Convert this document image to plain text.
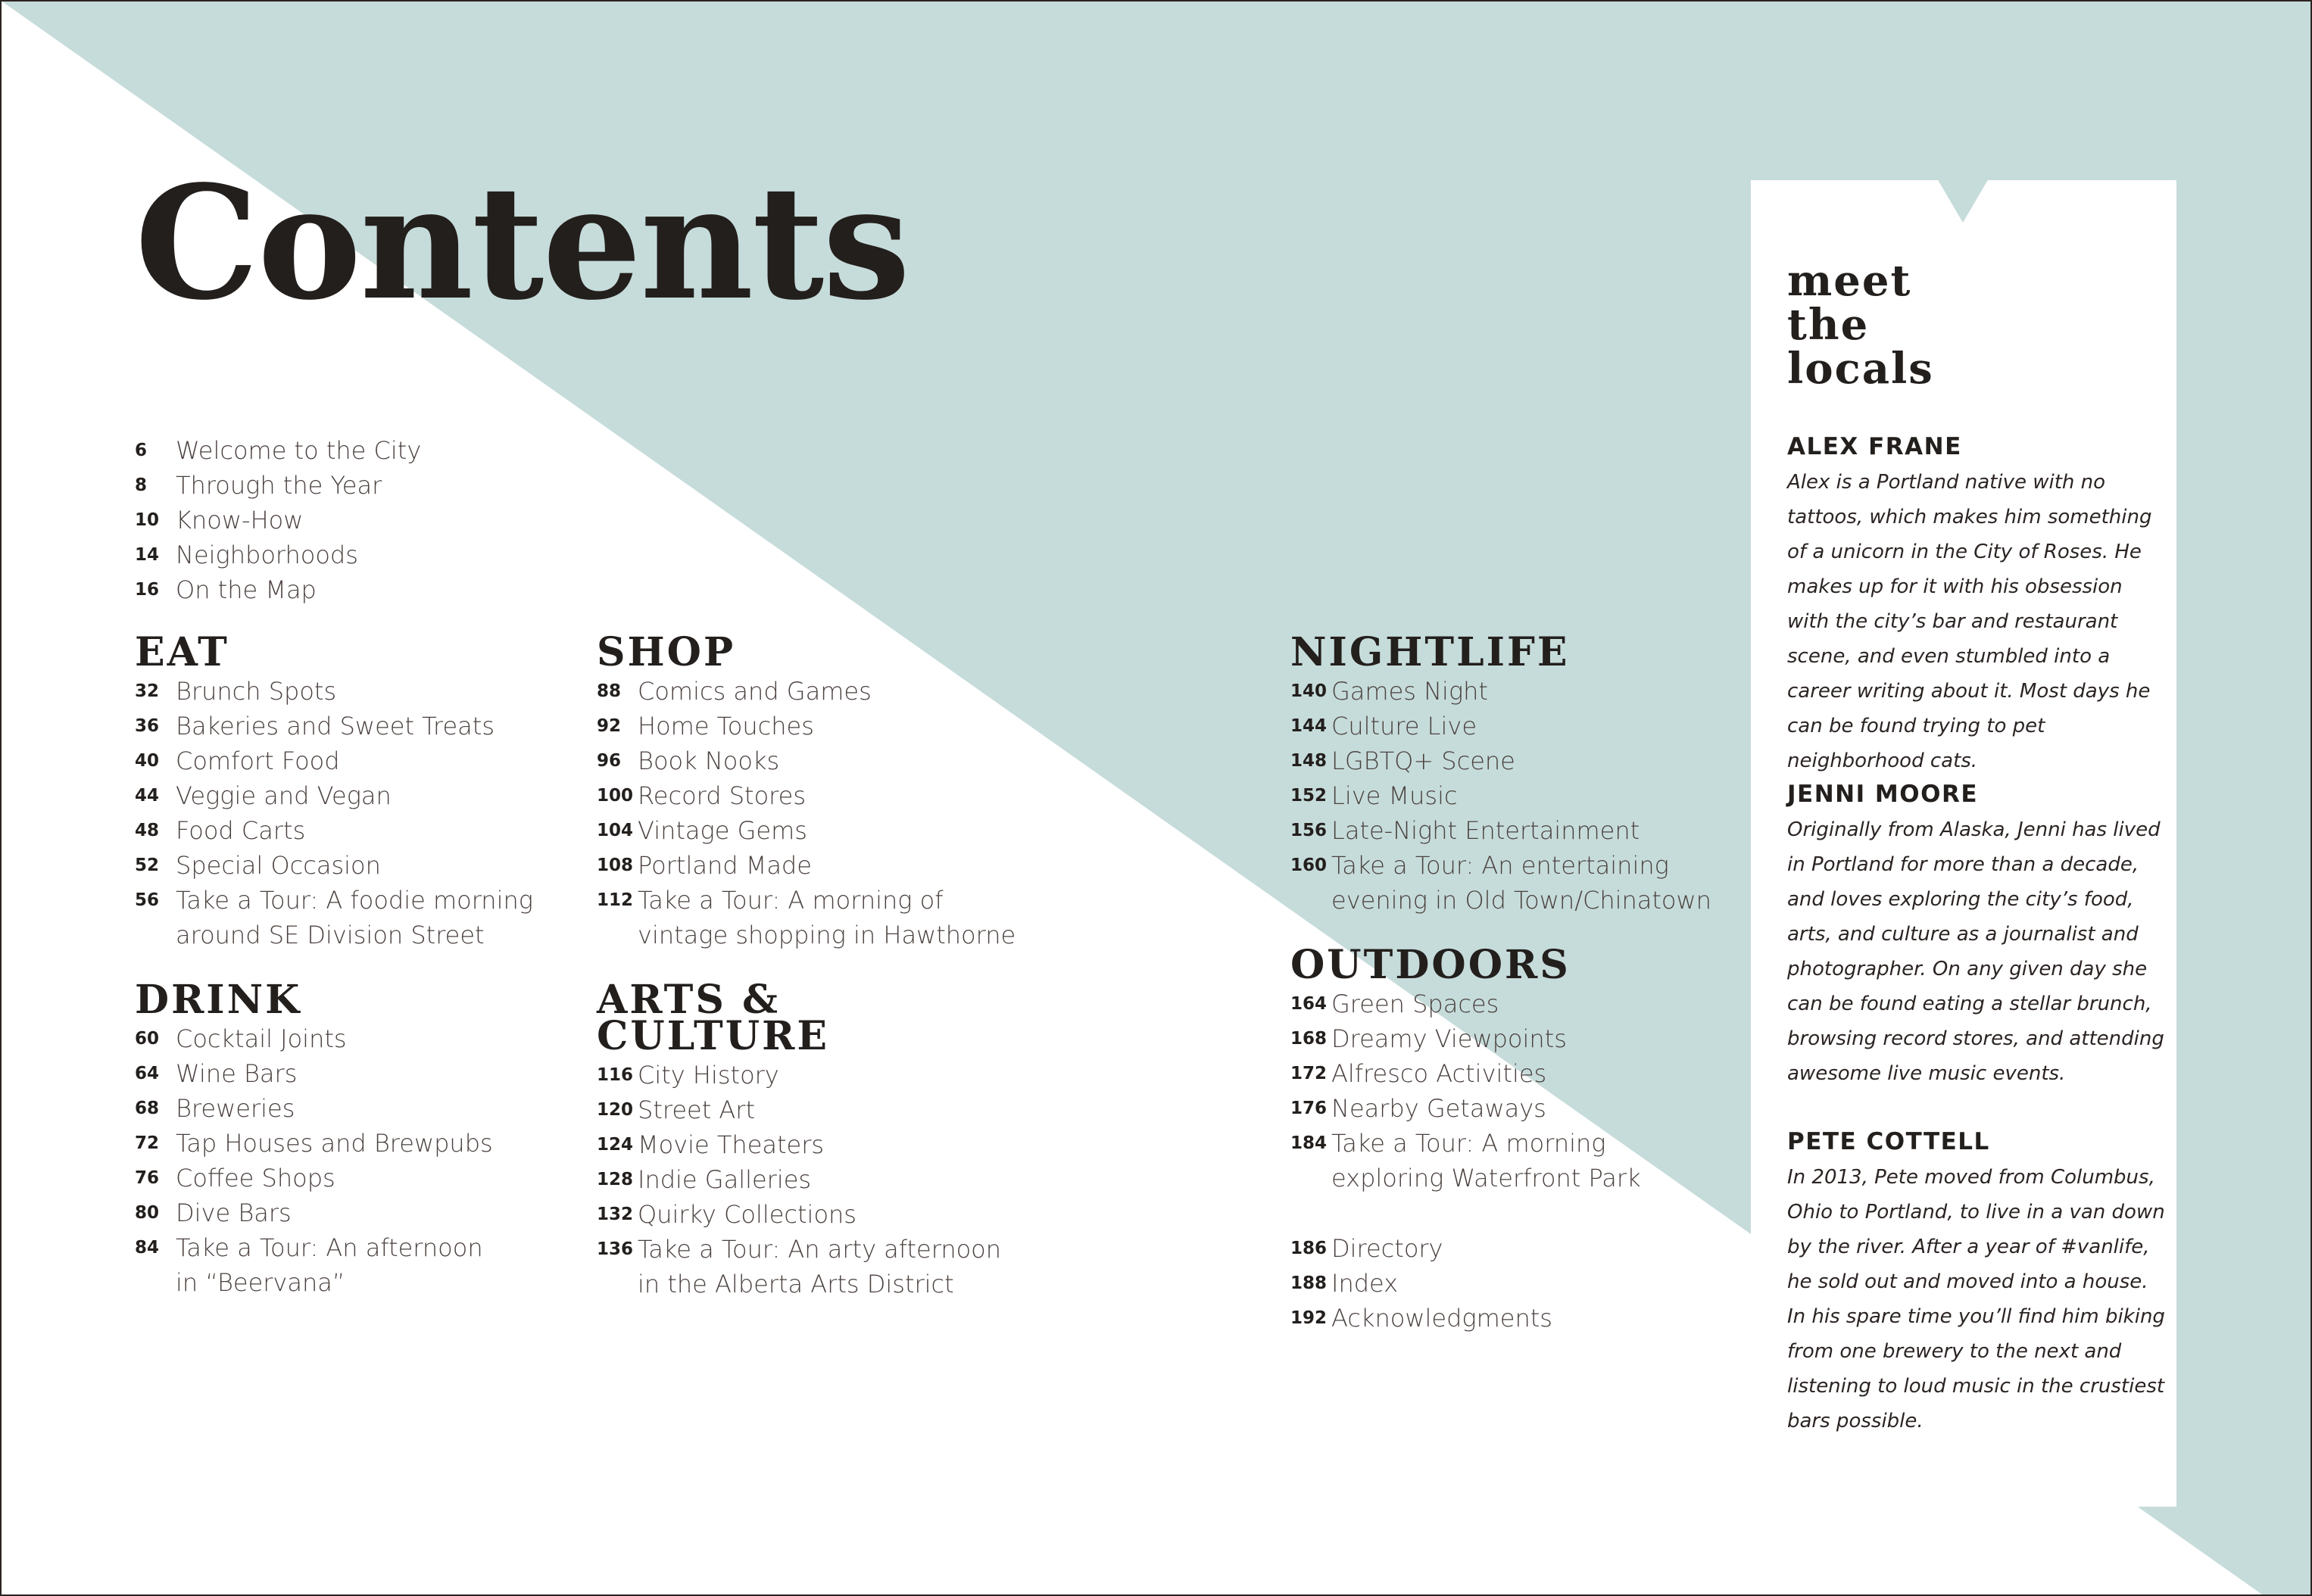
Contents
6	Welcome to the City
8	Through the Year
10 Know-How
14 Neighborhoods
16 On the Map
EAT
32 Brunch Spots
36 Bakeries and Sweet Treats
40 Comfort Food
44 Veggie and Vegan
48 Food Carts
52 Special Occasion
56 Take a Tour: A foodie morning
around SE Division Street
DRINK
60 Cocktail Joints
64 Wine Bars
68 Breweries
72 Tap Houses and Brewpubs
76 Coffee Shops
80 Dive Bars
84 Take a Tour: An afternoon
in “Beervana”
SHOP
88 Comics and Games
92 Home Touches
96 Book Nooks
100 Record Stores
104 Vintage Gems
108 Portland Made
112 Take a Tour: A morning of
vintage shopping in Hawthorne
ARTS &
CULTURE
116 City History
120 Street Art
124 Movie Theaters
128 Indie Galleries
132 Quirky Collections
136 Take a Tour: An arty afternoon
in the Alberta Arts District
NIGHTLIFE
140 Games Night
144 Culture Live
148 LGBTQ+ Scene
152 Live Music
156 Late-Night Entertainment
160 Take a Tour: An entertaining
evening in Old Town/Chinatown
OUTDOORS
164 Green Spaces
168 Dreamy Viewpoints
172 Alfresco Activities
176 Nearby Getaways
184 Take a Tour: A morning
exploring Waterfront Park
186 Directory
188 Index
192 Acknowledgments
meet
the
locals

ALEX FRANE

Alex is a Portland native with no tattoos, which makes him something of a unicorn in the City of Roses. He makes up for it with his obsession with the city’s bar and restaurant scene, and even stumbled into a career writing about it. Most days he can be found trying to pet neighborhood cats.

JENNI MOORE

Originally from Alaska, Jenni has lived in Portland for more than a decade, and loves exploring the city’s food, arts, and culture as a journalist and photographer. On any given day she can be found eating a stellar brunch, browsing record stores, and attending awesome live music events.

PETE COTTELL

In 2013, Pete moved from Columbus, Ohio to Portland, to live in a van down by the river. After a year of #vanlife, he sold out and moved into a house. In his spare time you’ll find him biking from one brewery to the next and listening to loud music in the crustiest bars possible.
